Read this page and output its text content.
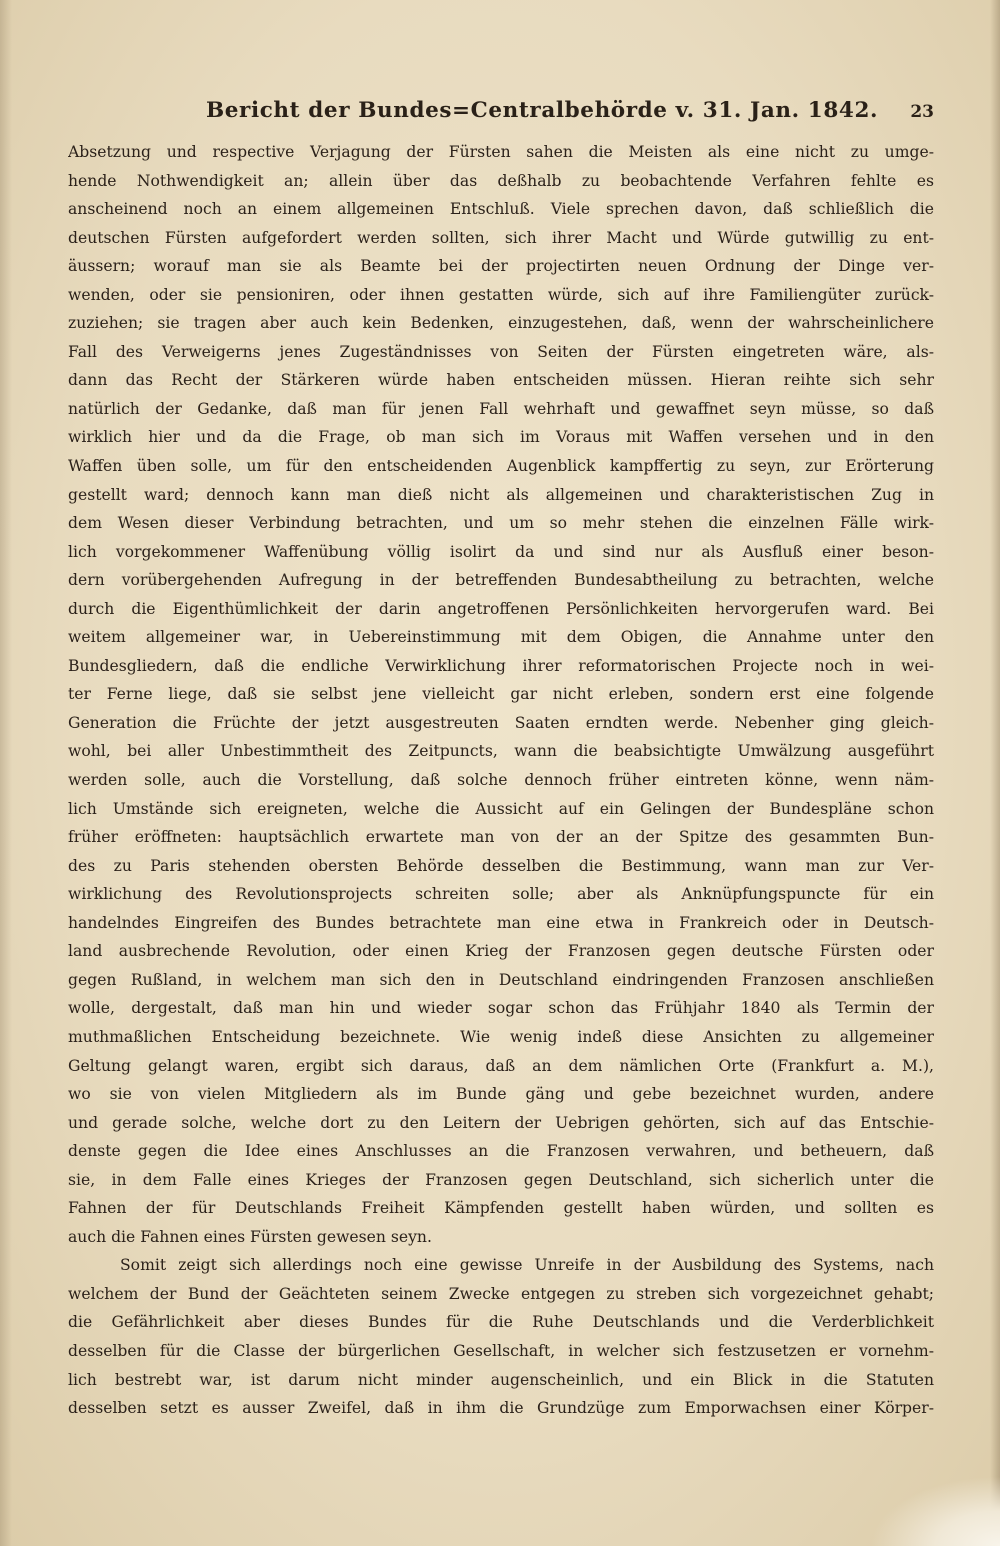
Bericht der Bundes=Centralbehörde v. 31. Jan. 1842. 23
Absetzung und respective Verjagung der Fürsten sahen die Meisten als eine nicht zu umge-
hende Nothwendigkeit an; allein über das deßhalb zu beobachtende Verfahren fehlte es
anscheinend noch an einem allgemeinen Entschluß. Viele sprechen davon, daß schließlich die
deutschen Fürsten aufgefordert werden sollten, sich ihrer Macht und Würde gutwillig zu ent-
äussern; worauf man sie als Beamte bei der projectirten neuen Ordnung der Dinge ver-
wenden, oder sie pensioniren, oder ihnen gestatten würde, sich auf ihre Familiengüter zurück-
zuziehen; sie tragen aber auch kein Bedenken, einzugestehen, daß, wenn der wahrscheinlichere
Fall des Verweigerns jenes Zugeständnisses von Seiten der Fürsten eingetreten wäre, als-
dann das Recht der Stärkeren würde haben entscheiden müssen. Hieran reihte sich sehr
natürlich der Gedanke, daß man für jenen Fall wehrhaft und gewaffnet seyn müsse, so daß
wirklich hier und da die Frage, ob man sich im Voraus mit Waffen versehen und in den
Waffen üben solle, um für den entscheidenden Augenblick kampffertig zu seyn, zur Erörterung
gestellt ward; dennoch kann man dieß nicht als allgemeinen und charakteristischen Zug in
dem Wesen dieser Verbindung betrachten, und um so mehr stehen die einzelnen Fälle wirk-
lich vorgekommener Waffenübung völlig isolirt da und sind nur als Ausfluß einer beson-
dern vorübergehenden Aufregung in der betreffenden Bundesabtheilung zu betrachten, welche
durch die Eigenthümlichkeit der darin angetroffenen Persönlichkeiten hervorgerufen ward. Bei
weitem allgemeiner war, in Uebereinstimmung mit dem Obigen, die Annahme unter den
Bundesgliedern, daß die endliche Verwirklichung ihrer reformatorischen Projecte noch in wei-
ter Ferne liege, daß sie selbst jene vielleicht gar nicht erleben, sondern erst eine folgende
Generation die Früchte der jetzt ausgestreuten Saaten erndten werde. Nebenher ging gleich-
wohl, bei aller Unbestimmtheit des Zeitpuncts, wann die beabsichtigte Umwälzung ausgeführt
werden solle, auch die Vorstellung, daß solche dennoch früher eintreten könne, wenn näm-
lich Umstände sich ereigneten, welche die Aussicht auf ein Gelingen der Bundespläne schon
früher eröffneten: hauptsächlich erwartete man von der an der Spitze des gesammten Bun-
des zu Paris stehenden obersten Behörde desselben die Bestimmung, wann man zur Ver-
wirklichung des Revolutionsprojects schreiten solle; aber als Anknüpfungspuncte für ein
handelndes Eingreifen des Bundes betrachtete man eine etwa in Frankreich oder in Deutsch-
land ausbrechende Revolution, oder einen Krieg der Franzosen gegen deutsche Fürsten oder
gegen Rußland, in welchem man sich den in Deutschland eindringenden Franzosen anschließen
wolle, dergestalt, daß man hin und wieder sogar schon das Frühjahr 1840 als Termin der
muthmaßlichen Entscheidung bezeichnete. Wie wenig indeß diese Ansichten zu allgemeiner
Geltung gelangt waren, ergibt sich daraus, daß an dem nämlichen Orte (Frankfurt a. M.),
wo sie von vielen Mitgliedern als im Bunde gäng und gebe bezeichnet wurden, andere
und gerade solche, welche dort zu den Leitern der Uebrigen gehörten, sich auf das Entschie-
denste gegen die Idee eines Anschlusses an die Franzosen verwahren, und betheuern, daß
sie, in dem Falle eines Krieges der Franzosen gegen Deutschland, sich sicherlich unter die
Fahnen der für Deutschlands Freiheit Kämpfenden gestellt haben würden, und sollten es
auch die Fahnen eines Fürsten gewesen seyn.
Somit zeigt sich allerdings noch eine gewisse Unreife in der Ausbildung des Systems, nach
welchem der Bund der Geächteten seinem Zwecke entgegen zu streben sich vorgezeichnet gehabt;
die Gefährlichkeit aber dieses Bundes für die Ruhe Deutschlands und die Verderblichkeit
desselben für die Classe der bürgerlichen Gesellschaft, in welcher sich festzusetzen er vornehm-
lich bestrebt war, ist darum nicht minder augenscheinlich, und ein Blick in die Statuten
desselben setzt es ausser Zweifel, daß in ihm die Grundzüge zum Emporwachsen einer Körper-
